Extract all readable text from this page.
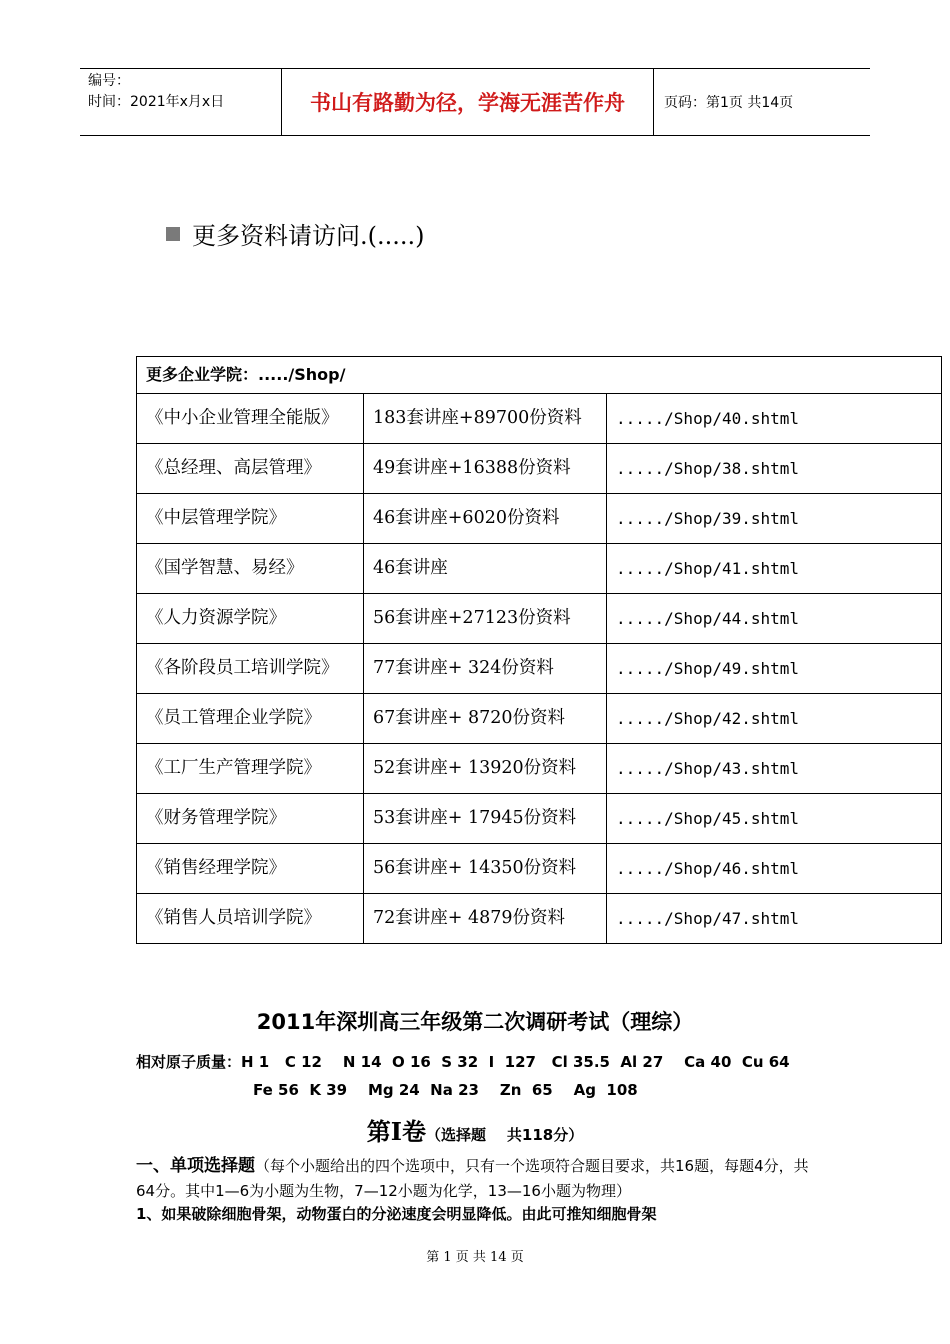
编号：
时间：2021年x月x日	书山有路勤为径，学海无涯苦作舟	页码：第1页 共14页
更多资料请访问.(.....)
更多企业学院：...../Shop/		
《中小企业管理全能版》	183套讲座+89700份资料	...../Shop/40.shtml
《总经理、高层管理》	49套讲座+16388份资料	...../Shop/38.shtml
《中层管理学院》	46套讲座+6020份资料	...../Shop/39.shtml
《国学智慧、易经》	46套讲座	...../Shop/41.shtml
《人力资源学院》	56套讲座+27123份资料	...../Shop/44.shtml
《各阶段员工培训学院》	77套讲座+ 324份资料	...../Shop/49.shtml
《员工管理企业学院》	67套讲座+ 8720份资料	...../Shop/42.shtml
《工厂生产管理学院》	52套讲座+ 13920份资料	...../Shop/43.shtml
《财务管理学院》	53套讲座+ 17945份资料	...../Shop/45.shtml
《销售经理学院》	56套讲座+ 14350份资料	...../Shop/46.shtml
《销售人员培训学院》	72套讲座+ 4879份资料	...../Shop/47.shtml
2011年深圳高三年级第二次调研考试（理综）
相对原子质量：H 1   C 12    N 14  O 16  S 32  I  127   Cl 35.5  Al 27    Ca 40  Cu 64
Fe 56  K 39    Mg 24  Na 23    Zn  65    Ag  108
第Ⅰ卷（选择题    共118分）
一、单项选择题（每个小题给出的四个选项中，只有一个选项符合题目要求，共16题，每题4分，共64分。其中1—6为小题为生物，7—12小题为化学，13—16小题为物理）
1、如果破除细胞骨架，动物蛋白的分泌速度会明显降低。由此可推知细胞骨架
第 1 页 共 14 页
